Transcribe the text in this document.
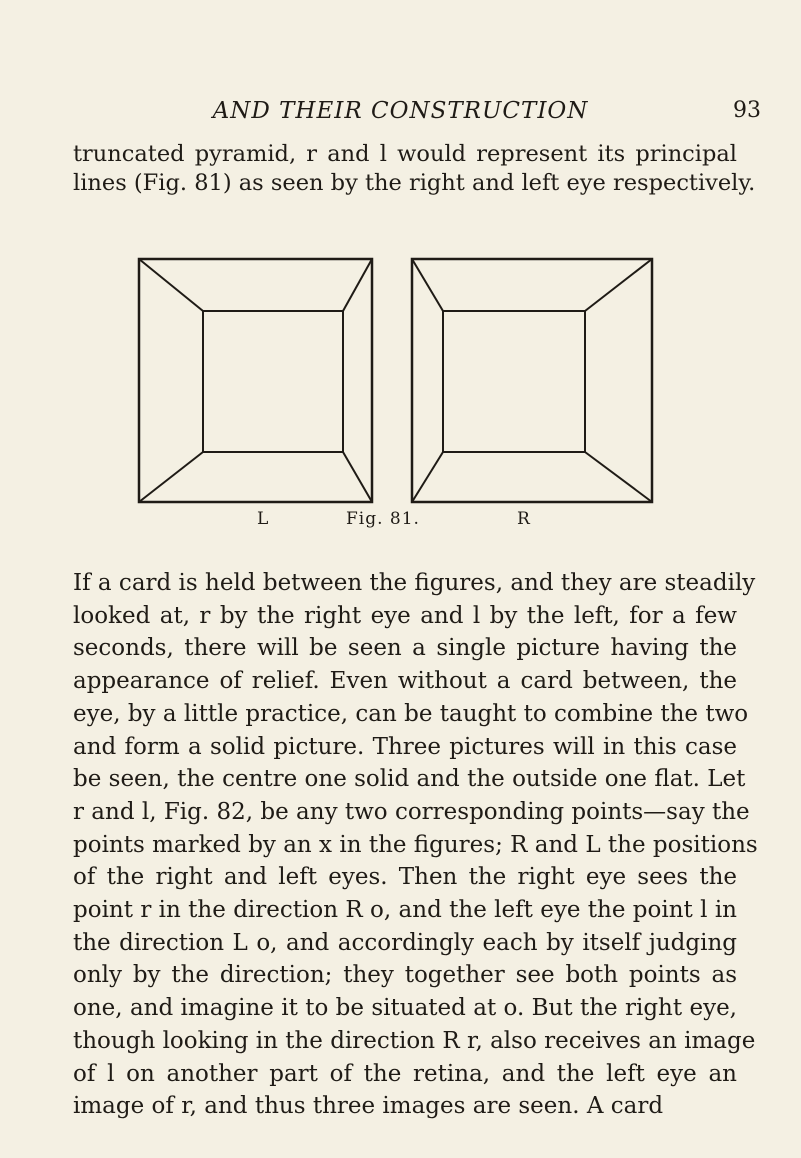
AND THEIR CONSTRUCTION	93
truncated pyramid, r and l would represent its principal
lines (Fig. 81) as seen by the right and left eye respectively.
L	Fig. 81.	R
If a card is held between the figures, and they are steadily
looked at, r by the right eye and l by the left, for a few
seconds, there will be seen a single picture having the
appearance of relief. Even without a card between, the
eye, by a little practice, can be taught to combine the two
and form a solid picture. Three pictures will in this case
be seen, the centre one solid and the outside one flat. Let
r and l, Fig. 82, be any two corresponding points—say the
points marked by an x in the figures; R and L the positions
of the right and left eyes. Then the right eye sees the
point r in the direction R o, and the left eye the point l in
the direction L o, and accordingly each by itself judging
only by the direction; they together see both points as
one, and imagine it to be situated at o. But the right eye,
though looking in the direction R r, also receives an image
of l on another part of the retina, and the left eye an
image of r, and thus three images are seen. A card
